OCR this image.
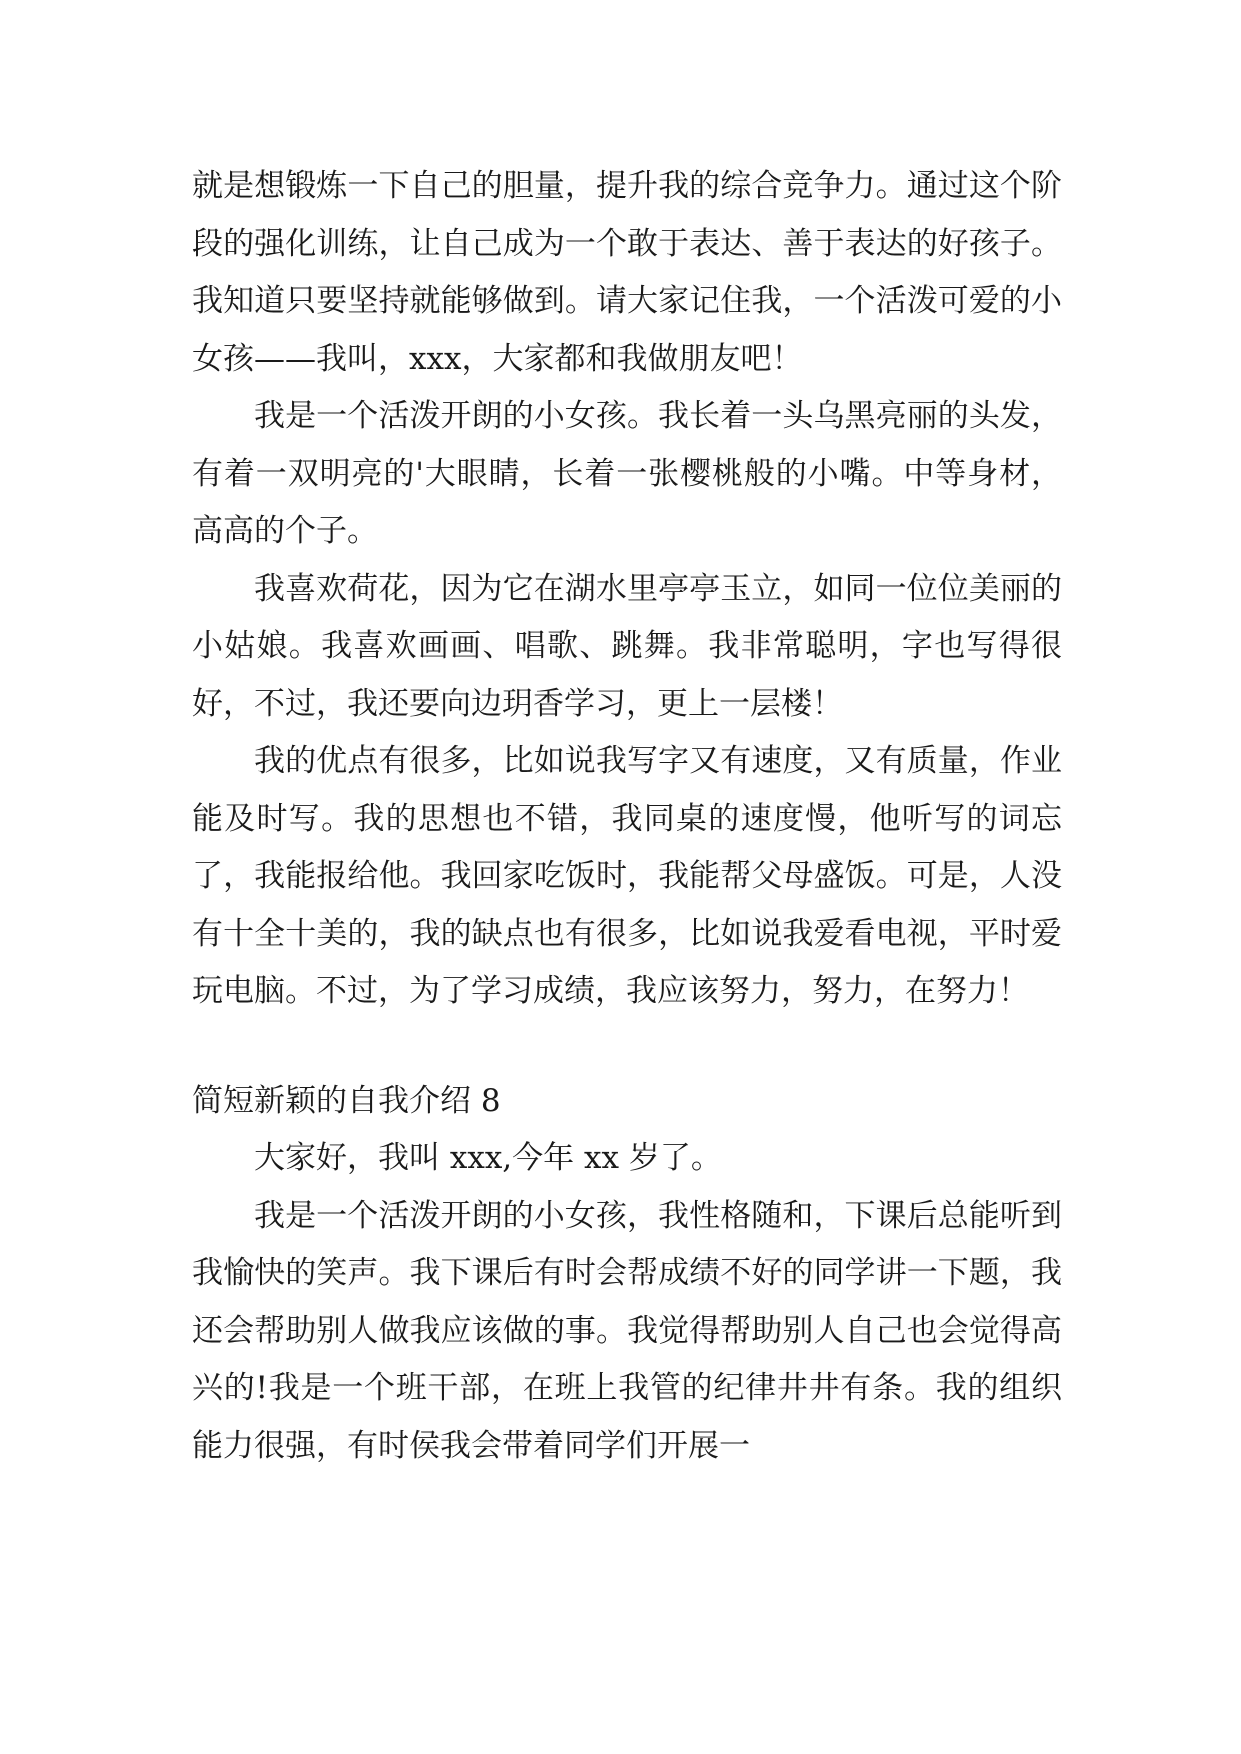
就是想锻炼一下自己的胆量，提升我的综合竞争力。通过这个阶段的强化训练，让自己成为一个敢于表达、善于表达的好孩子。我知道只要坚持就能够做到。请大家记住我，一个活泼可爱的小女孩——我叫，xxx，大家都和我做朋友吧！

我是一个活泼开朗的小女孩。我长着一头乌黑亮丽的头发，有着一双明亮的'大眼睛，长着一张樱桃般的小嘴。中等身材，高高的个子。

我喜欢荷花，因为它在湖水里亭亭玉立，如同一位位美丽的小姑娘。我喜欢画画、唱歌、跳舞。我非常聪明，字也写得很好，不过，我还要向边玥香学习，更上一层楼！

我的优点有很多，比如说我写字又有速度，又有质量，作业能及时写。我的思想也不错，我同桌的速度慢，他听写的词忘了，我能报给他。我回家吃饭时，我能帮父母盛饭。可是，人没有十全十美的，我的缺点也有很多，比如说我爱看电视，平时爱玩电脑。不过，为了学习成绩，我应该努力，努力，在努力！

简短新颖的自我介绍 8

大家好，我叫 xxx,今年 xx 岁了。

我是一个活泼开朗的小女孩，我性格随和，下课后总能听到我愉快的笑声。我下课后有时会帮成绩不好的同学讲一下题，我还会帮助别人做我应该做的事。我觉得帮助别人自己也会觉得高兴的!我是一个班干部，在班上我管的纪律井井有条。我的组织能力很强，有时侯我会带着同学们开展一
